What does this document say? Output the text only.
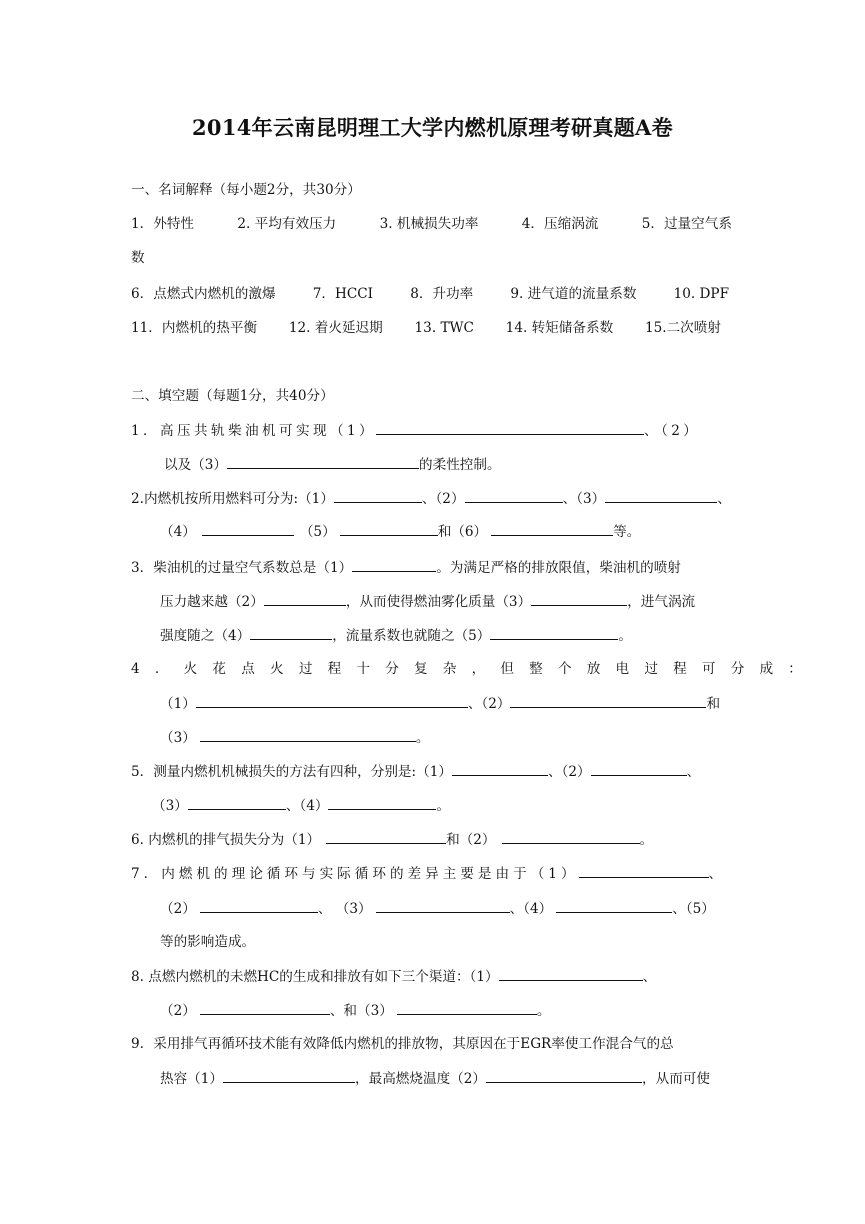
2014年云南昆明理工大学内燃机原理考研真题A卷
一、名词解释（每小题2分，共30分）
1．外特性	2. 平均有效压力	3. 机械损失功率	4．压缩涡流	5．过量空气系
数
6．点燃式内燃机的激爆	7．HCCI	8．升功率	9. 进气道的流量系数	10. DPF
11．内燃机的热平衡 12. 着火延迟期 13. TWC 14. 转矩储备系数 15.二次喷射
二、填空题（每题1分，共40分）
1．高压共轨柴油机可实现（1）	、（2）
以及（3）	的柔性控制。
2.内燃机按所用燃料可分为:（1）	、（2）	、（3）	、
（4）	（5）	和（6）	等。
3．柴油机的过量空气系数总是（1）	。为满足严格的排放限值，柴油机的喷射
压力越来越（2）	，从而使得燃油雾化质量（3）	，进气涡流
强度随之（4）	，流量系数也就随之（5）	。
4．火花点火过程十分复杂，但整个放电过程可分成：
（1）	、（2）	和
（3）	。
5．测量内燃机机械损失的方法有四种，分别是:（1）	、（2）	、
（3）	、（4）	。
6. 内燃机的排气损失分为（1）	和（2）	。
7．内燃机的理论循环与实际循环的差异主要是由于（1）	、
（2）	、 （3）	、（4）	、（5）
等的影响造成。
8. 点燃内燃机的未燃HC的生成和排放有如下三个渠道：（1）	、
（2）	、和（3）	。
9．采用排气再循环技术能有效降低内燃机的排放物，其原因在于EGR率使工作混合气的总
热容（1）	，最高燃烧温度（2）	，从而可使
